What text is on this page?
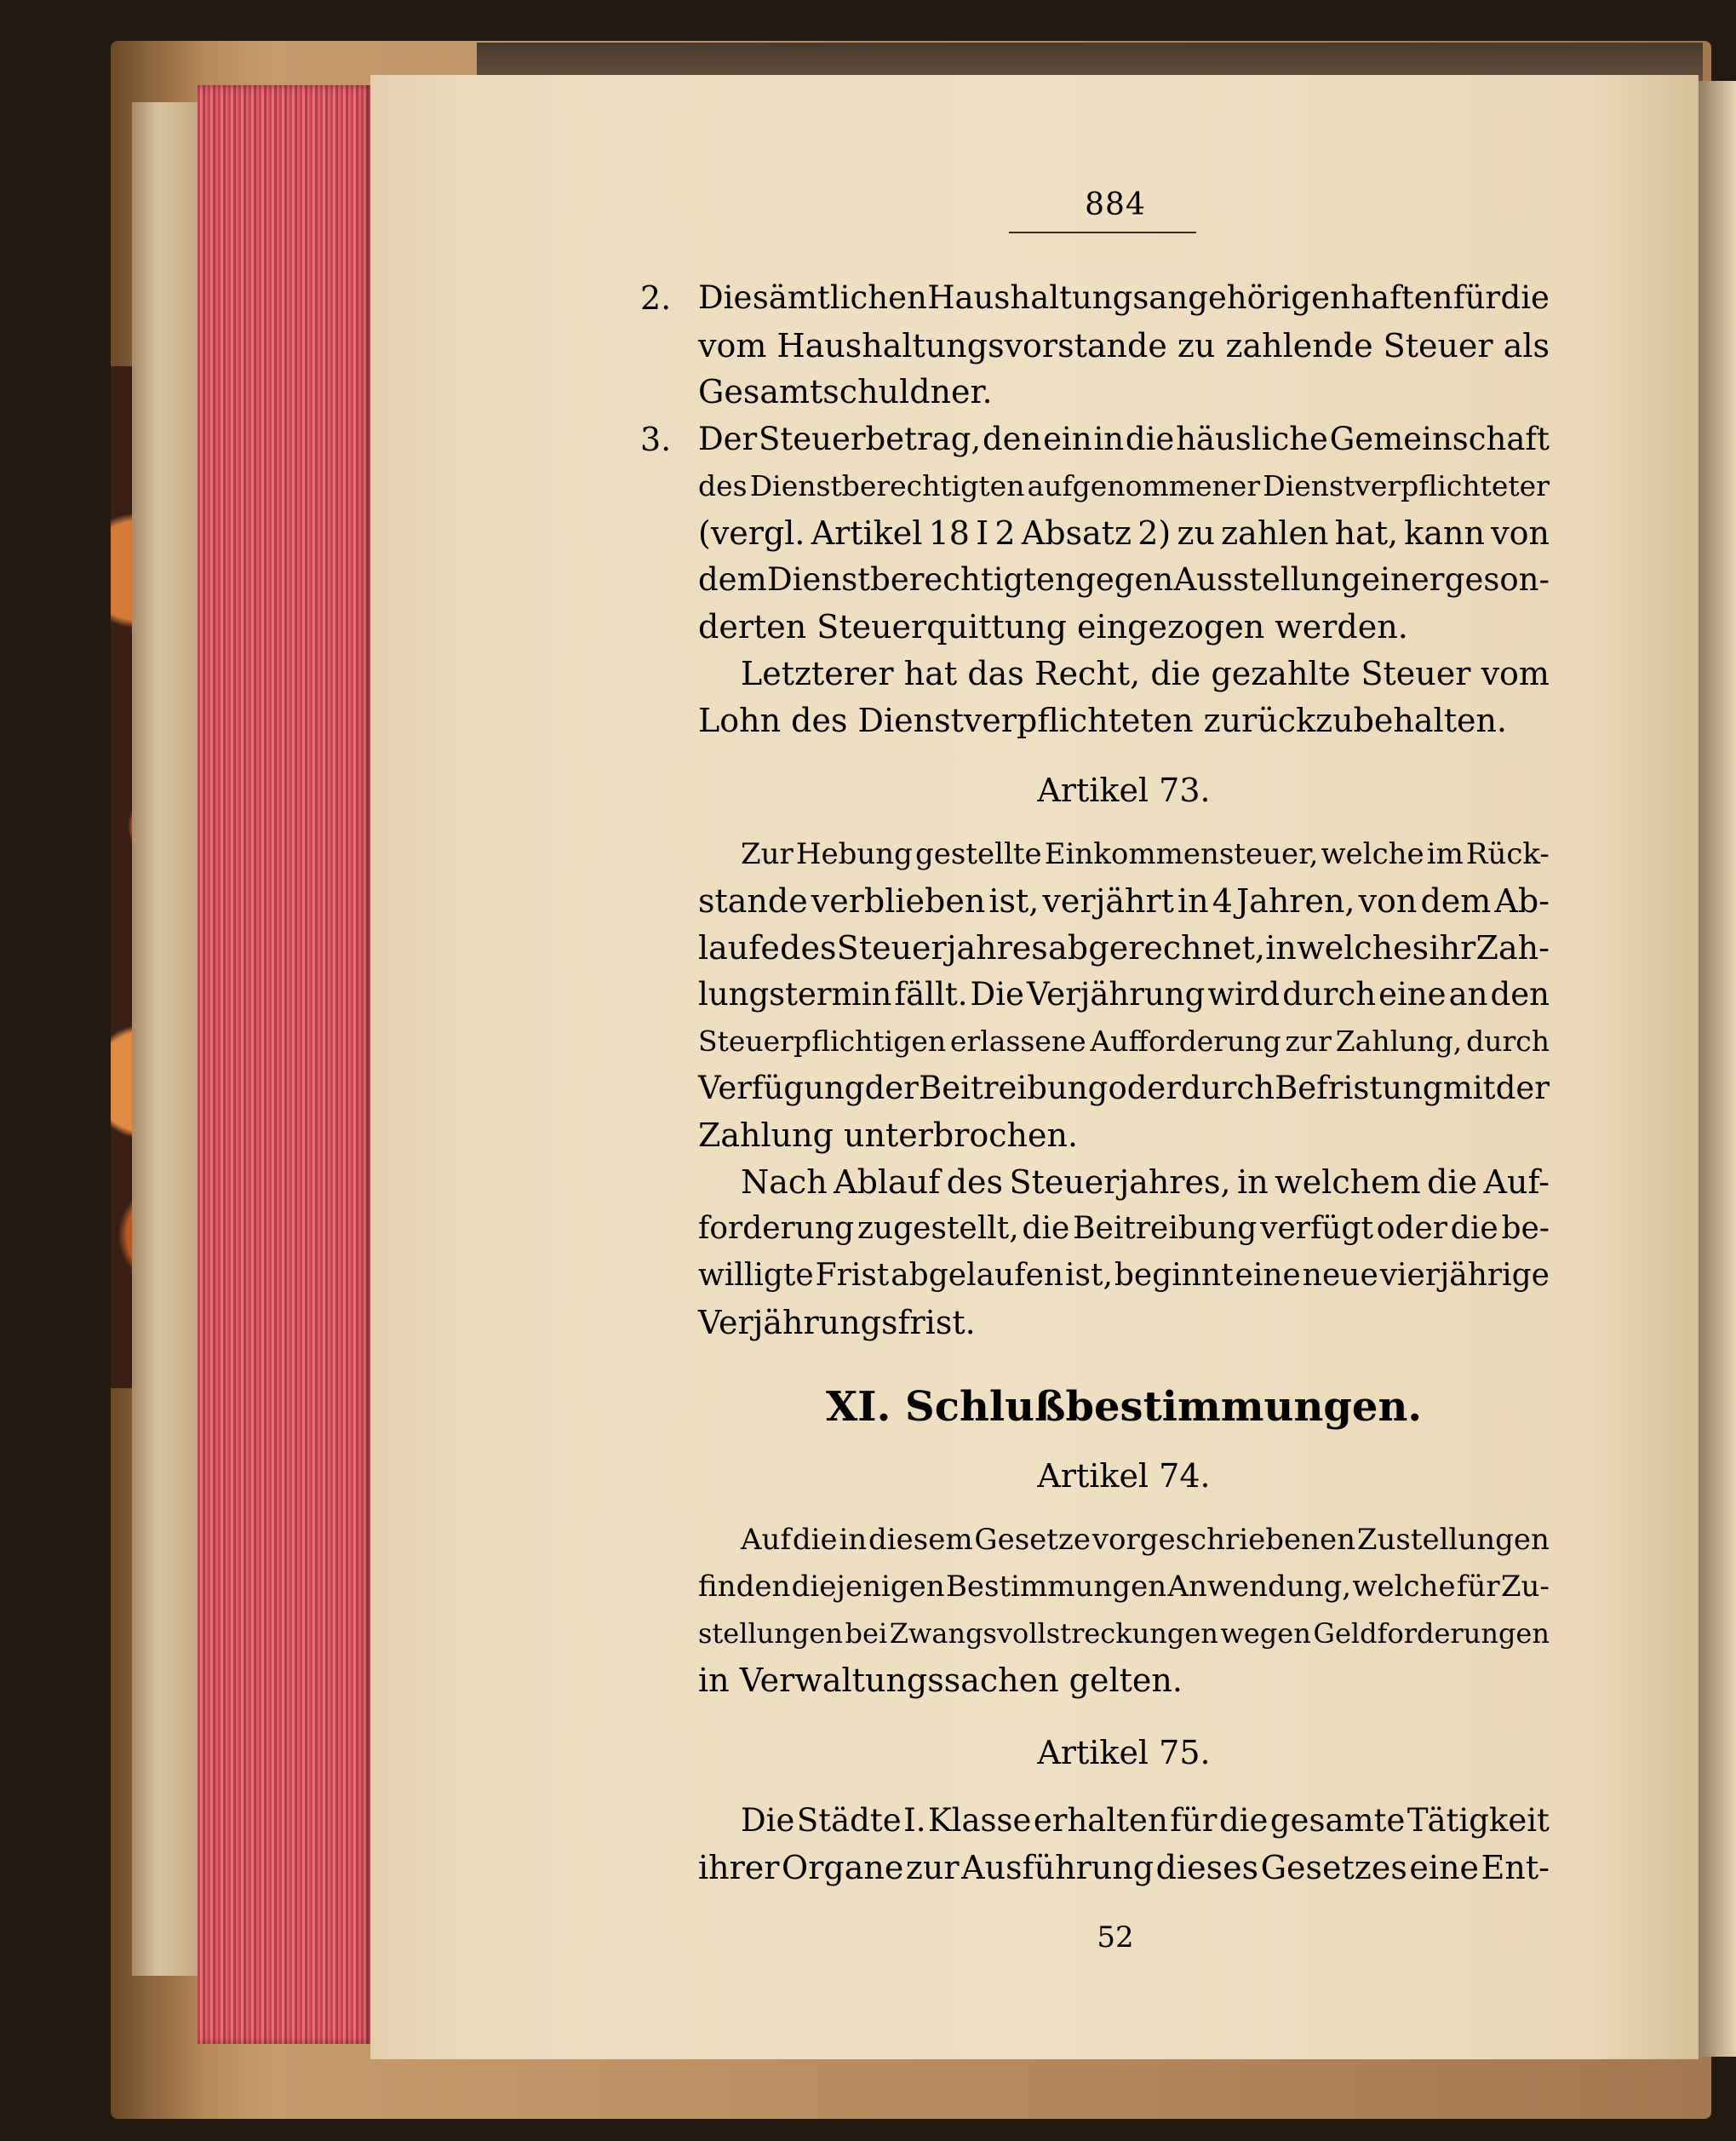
884
2. Die sämtlichen Haushaltungsangehörigen haften für die
vom Haushaltungsvorstande zu zahlende Steuer als
Gesamtschuldner.
3. Der Steuerbetrag, den ein in die häusliche Gemeinschaft
des Dienstberechtigten aufgenommener Dienstverpflichteter
(vergl. Artikel 18 I 2 Absatz 2) zu zahlen hat, kann von
dem Dienstberechtigten gegen Ausstellung einer geson-
derten Steuerquittung eingezogen werden.
Letzterer hat das Recht, die gezahlte Steuer vom
Lohn des Dienstverpflichteten zurückzubehalten.
Artikel 73.
Zur Hebung gestellte Einkommensteuer, welche im Rück-
stande verblieben ist, verjährt in 4 Jahren, von dem Ab-
laufe des Steuerjahres ab gerechnet, in welches ihr Zah-
lungstermin fällt. Die Verjährung wird durch eine an den
Steuerpflichtigen erlassene Aufforderung zur Zahlung, durch
Verfügung der Beitreibung oder durch Befristung mit der
Zahlung unterbrochen.
Nach Ablauf des Steuerjahres, in welchem die Auf-
forderung zugestellt, die Beitreibung verfügt oder die be-
willigte Frist abgelaufen ist, beginnt eine neue vierjährige
Verjährungsfrist.
XI. Schlußbestimmungen.
Artikel 74.
Auf die in diesem Gesetze vorgeschriebenen Zustellungen
finden diejenigen Bestimmungen Anwendung, welche für Zu-
stellungen bei Zwangsvollstreckungen wegen Geldforderungen
in Verwaltungssachen gelten.
Artikel 75.
Die Städte I. Klasse erhalten für die gesamte Tätigkeit
ihrer Organe zur Ausführung dieses Gesetzes eine Ent-
52
